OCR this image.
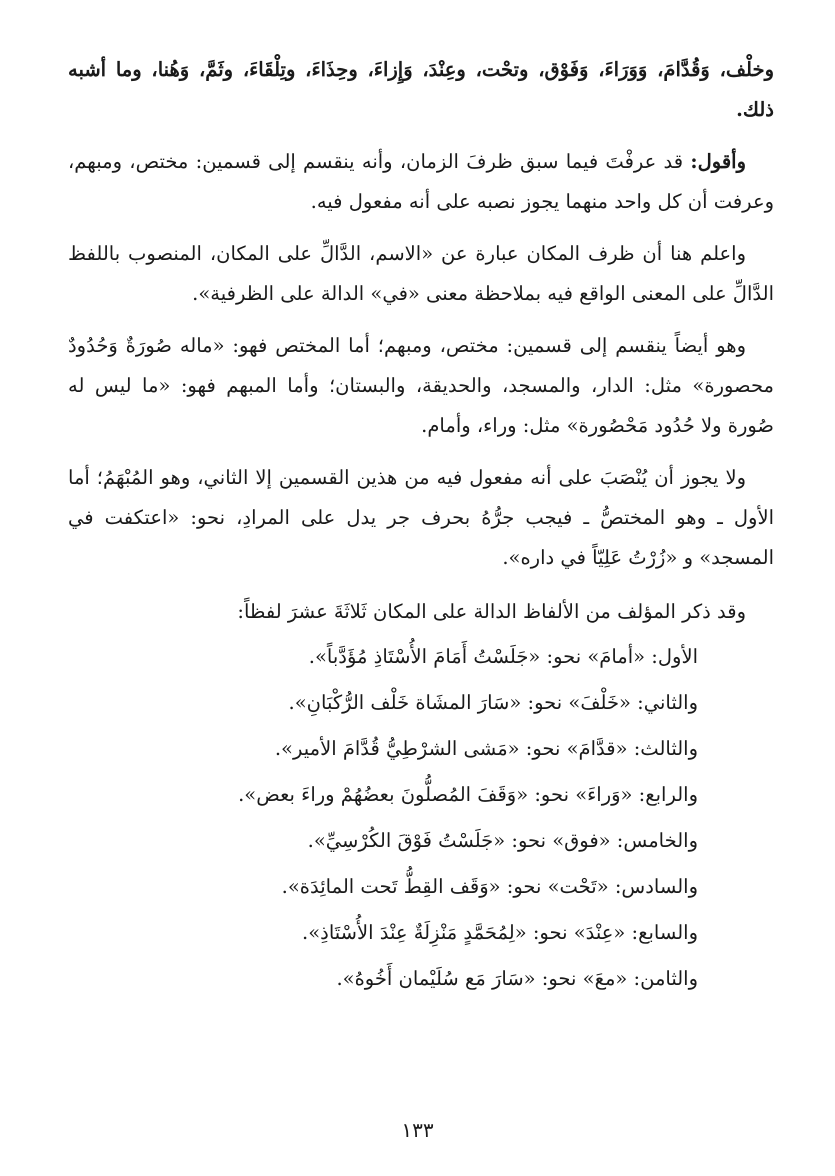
وخلْف، وَقُدَّامَ، وَوَرَاءَ، وَفَوْق، وتحْت، وعِنْدَ، وَإِزاءَ، وحِذَاءَ، وتِلْقَاءَ، وثَمَّ، وَهُنا، وما أشبه ذلك.

وأقول: قد عرفْتَ فيما سبق ظرفَ الزمان، وأنه ينقسم إلى قسمين: مختص، ومبهم، وعرفت أن كل واحد منهما يجوز نصبه على أنه مفعول فيه.

واعلم هنا أن ظرف المكان عبارة عن «الاسم، الدَّالِّ على المكان، المنصوب باللفظ الدَّالِّ على المعنى الواقع فيه بملاحظة معنى «في» الدالة على الظرفية».

وهو أيضاً ينقسم إلى قسمين: مختص، ومبهم؛ أما المختص فهو: «ماله صُورَةٌ وَحُدُودٌ محصورة» مثل: الدار، والمسجد، والحديقة، والبستان؛ وأما المبهم فهو: «ما ليس له صُورة ولا حُدُود مَحْصُورة» مثل: وراء، وأمام.

ولا يجوز أن يُنْصَبَ على أنه مفعول فيه من هذين القسمين إلا الثاني، وهو المُبْهَمُ؛ أما الأول ـ وهو المختصُّ ـ فيجب جرُّهُ بحرف جر يدل على المرادِ، نحو: «اعتكفت في المسجد» و «زُرْتُ عَلِيّاً في داره».

وقد ذكر المؤلف من الألفاظ الدالة على المكان ثَلاثَةَ عشرَ لفظاً:
الأول: «أمامَ» نحو: «جَلَسْتُ أَمَامَ الأُسْتَاذِ مُؤَدَّباً».
والثاني: «خَلْفَ» نحو: «سَارَ المشَاة خَلْف الرُّكْبَانِ».
والثالث: «قدَّامَ» نحو: «مَشى الشرْطِيُّ قُدَّامَ الأمير».
والرابع: «وَراءَ» نحو: «وَقَفَ المُصلُّونَ بعضُهُمْ وراءَ بعض».
والخامس: «فوق» نحو: «جَلَسْتُ فَوْقَ الكُرْسِيِّ».
والسادس: «تَحْت» نحو: «وَقَف القِطُّ تَحت المائِدَة».
والسابع: «عِنْدَ» نحو: «لِمُحَمَّدٍ مَنْزِلَةٌ عِنْدَ الأُسْتَاذِ».
والثامن: «معَ» نحو: «سَارَ مَع سُلَيْمان أَخُوهُ».
١٣٣
